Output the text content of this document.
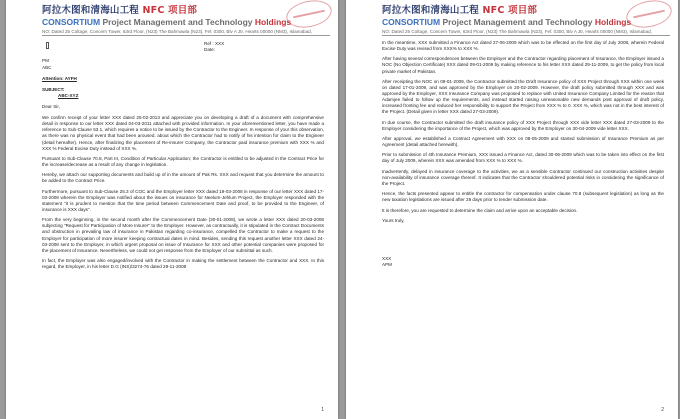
阿拉木图和清海山工程 NFC 项目部
CONSORTIUM Project Management and Technology Holdings
NO: Dated 25 Coltage, Concern Tower, 63rd Floor, (N23) The Bahmawla (N23), Fel: 0300, Blv A Jtr, Hearts 00000 (NM3), Islamabad,
Ref : XXX
Date:
PM
ABC
Attention: AYFH
SUBJECT:
ABC-XYZ
Dear Sir,

We confirm receipt of your letter XXX dated 25-02-2013 and appreciate you on developing a draft of a document with comprehensive detail in response to our letter XXX dated 04-03-2011 attached with provided information. In your aforementioned letter, you have made a reference to Sub-Clause 53.1, which requires a notice to be issued by the Contractor to the Engineer. In response of your this observation, as there was no physical event that had been aroused, about which the Contractor had to notify of his intention for claim to the Engineer (detail hereafter). Hence, after finalizing the placement of Re-insurer Company, the Contractor paid insurance premium with XXX % and XXX % Federal Excise Duty instead of XXX %.

Pursuant to Sub-Clause 70.8, Part III, Condition of Particular Application; the Contractor is entitled to be adjusted in the Contract Price for the increase/decrease as a result of any change in legislation.

Hereby, we attach our supporting documents and build up of in the amount of Pak Rs. XXX and request that you determine the amount to be added to the Contract Price.

Furthermore, pursuant to Sub-Clause 25.3 of COC and the Employer letter XXX dated 19-03-2008 in response of our letter XXX dated 17-03-2008 wherein the Employer was notified about the issues on insurance for Neelum-Jehlum Project, the Employer responded with the statement "it is prudent to mention that the time period between Commencement Date and proof, to be provided to the Engineer, of insurance is XXX days".

From the very beginning, in the second month after the Commencement Date (30-01-2008), we wrote a letter XXX dated 20-03-2008 subjecting "Request for Participation of More Insurer" to the Employer. However, as contractually, it is stipulated in the Contract Documents and obstruction in prevailing law of insurance in Pakistan regarding co-insurance, compelled the Contractor to make a request to the Employer for participation of more insurer keeping contractual dates in mind. Besides, sending this request another letter XXX dated 24-03-2008 sent to the Employer, in which urgent proposal on issue of Insurance for XXX and other potential companies were proposed for the placement of Insurance. Nevertheless, we could not get response from the Employer of our submittal as such.

In fact, the Employer was also engaged/involved with the Contractor in making the settlement between the Contractor and XXX. In this regard, the Employer, in his letter D.G (INS)/3274-76 dated 29-11-2008

1
阿拉木图和清海山工程 NFC 项目部
CONSORTIUM Project Management and Technology Holdings
NO: Dated 25 Coltage, Concern Tower, 63rd Floor, (N23) The Bahmawla (N23), Fel: 0300, Blv A Jtr, Hearts 00000 (NM3), Islamabad,

In the meantime, XXX submitted a Finance Act dated 27-06-2009 which was to be effected on the first day of July 2008, wherein Federal Excise Duty was revised from XXX% to XXX %.

After having several correspondences between the Employer and the Contractor regarding placement of Insurance, the Employer issued a NOC (No Objection Certificate) XXX dated 09-01-2009 by making reference to his letter XXX dated 29-11-2009, to get the policy from local private market of Pakistan.

After receipting the NOC on 09-01-2009, the Contractor submitted the Draft Insurance policy of XXX Project through XXX within one week on dated 17-01-2009, and was approved by the Employer on 20-02-2009. However, the draft policy submitted through XXX and was approved by the Employer, XXX Insurance Company was proposed to replace with United Insurance Company Limited for the reason that Adamjee failed to follow up the requirements, and instead started raising unreasonable new demands post approval of draft policy, increased fronting fee and reduced her responsibility to support the Project from XXX % to 0. XXX %, which was not in the best interest of the Project. (Detail given in letter XXX dated 27-03-2009).

In due course, the Contractor submitted the draft insurance policy of XXX Project through XXX vide letter XXX dated 27-03-2009 to the Employer considering the importance of the Project, which was approved by the Employer on 30-04-2009 vide letter XXX.

After approval, we established a Contract Agreement with XXX on 08-05-2009 and started submission of Insurance Premium as per Agreement (detail attached herewith).

Prior to submission of 4th Insurance Premium, XXX issued a Finance Act, dated 30-06-2009 which was to be taken into effect on the first day of July 2009, wherein XXX was amended from XXX % to XXX %.

Inadvertently, delayed in insurance coverage to the activities, we as a sensible Contractor continued our construction activities despite non-availability of insurance coverage thereof. It indicates that the Contractor shouldered potential risks in considering the significance of the Project.

Hence, the facts presented appear to entitle the contractor for compensation under clause 70.8 (subsequent legislation) as long as the new taxation legislations are issued after 28 days prior to tender submission date.

It is therefore, you are requested to determine the claim and arrive upon an acceptable decision.

Yours truly,

XXX
APM
2
